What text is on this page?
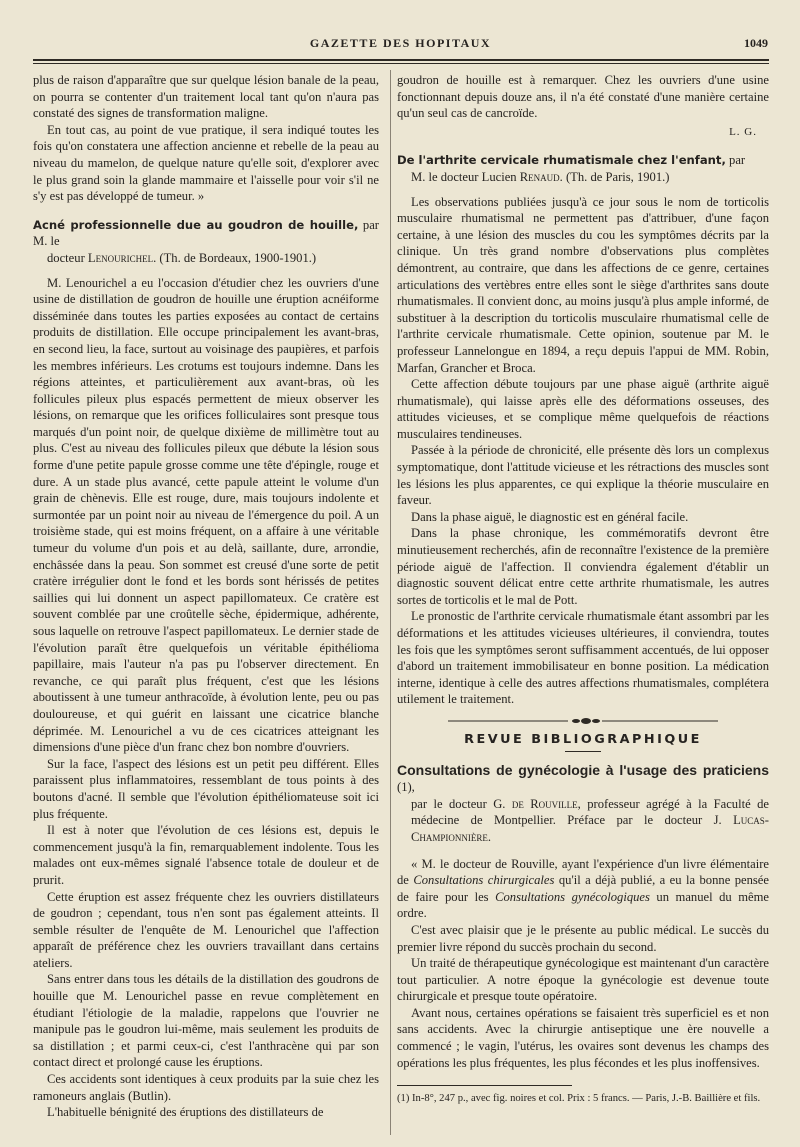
GAZETTE DES HOPITAUX	1049

plus de raison d'apparaître que sur quelque lésion banale de la peau, on pourra se contenter d'un traitement local tant qu'on n'aura pas constaté des signes de transformation maligne.

En tout cas, au point de vue pratique, il sera indiqué toutes les fois qu'on constatera une affection ancienne et rebelle de la peau au niveau du mamelon, de quelque nature qu'elle soit, d'explorer avec le plus grand soin la glande mammaire et l'aisselle pour voir s'il ne s'y est pas développé de tumeur. »

Acné professionnelle due au goudron de houille, par M. le
docteur Lenourichel. (Th. de Bordeaux, 1900-1901.)

M. Lenourichel a eu l'occasion d'étudier chez les ouvriers d'une usine de distillation de goudron de houille une éruption acnéiforme disséminée dans toutes les parties exposées au contact de certains produits de distillation. Elle occupe principalement les avant-bras, en second lieu, la face, surtout au voisinage des paupières, et parfois les membres inférieurs. Les crotums est toujours indemne. Dans les régions atteintes, et particulièrement aux avant-bras, où les follicules pileux plus espacés permettent de mieux observer les lésions, on remarque que les orifices folliculaires sont presque tous marqués d'un point noir, de quelque dixième de millimètre tout au plus. C'est au niveau des follicules pileux que débute la lésion sous forme d'une petite papule grosse comme une tête d'épingle, rouge et dure. A un stade plus avancé, cette papule atteint le volume d'un grain de chènevis. Elle est rouge, dure, mais toujours indolente et surmontée par un point noir au niveau de l'émergence du poil. A un troisième stade, qui est moins fréquent, on a affaire à une véritable tumeur du volume d'un pois et au delà, saillante, dure, arrondie, enchâssée dans la peau. Son sommet est creusé d'une sorte de petit cratère irrégulier dont le fond et les bords sont hérissés de petites saillies qui lui donnent un aspect papillomateux. Ce cratère est souvent comblée par une croûtelle sèche, épidermique, adhérente, sous laquelle on retrouve l'aspect papillomateux. Le dernier stade de l'évolution paraît être quelquefois un véritable épithélioma papillaire, mais l'auteur n'a pas pu l'observer directement. En revanche, ce qui paraît plus fréquent, c'est que les lésions aboutissent à une tumeur anthracoïde, à évolution lente, peu ou pas douloureuse, et qui guérit en laissant une cicatrice blanche déprimée. M. Lenourichel a vu de ces cicatrices atteignant les dimensions d'une pièce d'un franc chez bon nombre d'ouvriers.

Sur la face, l'aspect des lésions est un petit peu différent. Elles paraissent plus inflammatoires, ressemblant de tous points à des boutons d'acné. Il semble que l'évolution épithéliomateuse soit ici plus fréquente.

Il est à noter que l'évolution de ces lésions est, depuis le commencement jusqu'à la fin, remarquablement indolente. Tous les malades ont eux-mêmes signalé l'absence totale de douleur et de prurit.

Cette éruption est assez fréquente chez les ouvriers distillateurs de goudron ; cependant, tous n'en sont pas également atteints. Il semble résulter de l'enquête de M. Lenourichel que l'affection apparaît de préférence chez les ouvriers travaillant dans certains ateliers.

Sans entrer dans tous les détails de la distillation des goudrons de houille que M. Lenourichel passe en revue complètement en étudiant l'étiologie de la maladie, rappelons que l'ouvrier ne manipule pas le goudron lui-même, mais seulement les produits de sa distillation ; et parmi ceux-ci, c'est l'anthracène qui par son contact direct et prolongé cause les éruptions.

Ces accidents sont identiques à ceux produits par la suie chez les ramoneurs anglais (Butlin).

L'habituelle bénignité des éruptions des distillateurs de

goudron de houille est à remarquer. Chez les ouvriers d'une usine fonctionnant depuis douze ans, il n'a été constaté d'une manière certaine qu'un seul cas de cancroïde.

L. G.

De l'arthrite cervicale rhumatismale chez l'enfant, par
M. le docteur Lucien Renaud. (Th. de Paris, 1901.)

Les observations publiées jusqu'à ce jour sous le nom de torticolis musculaire rhumatismal ne permettent pas d'attribuer, d'une façon certaine, à une lésion des muscles du cou les symptômes décrits par la clinique. Un très grand nombre d'observations plus complètes démontrent, au contraire, que dans les affections de ce genre, certaines articulations des vertèbres entre elles sont le siège d'arthrites sans doute rhumatismales. Il convient donc, au moins jusqu'à plus ample informé, de substituer à la description du torticolis musculaire rhumatismal celle de l'arthrite cervicale rhumatismale. Cette opinion, soutenue par M. le professeur Lannelongue en 1894, a reçu depuis l'appui de MM. Robin, Marfan, Grancher et Broca.

Cette affection débute toujours par une phase aiguë (arthrite aiguë rhumatismale), qui laisse après elle des déformations osseuses, des attitudes vicieuses, et se complique même quelquefois de réactions musculaires tendineuses.

Passée à la période de chronicité, elle présente dès lors un complexus symptomatique, dont l'attitude vicieuse et les rétractions des muscles sont les lésions les plus apparentes, ce qui explique la théorie musculaire en faveur.

Dans la phase aiguë, le diagnostic est en général facile.

Dans la phase chronique, les commémoratifs devront être minutieusement recherchés, afin de reconnaître l'existence de la première période aiguë de l'affection. Il conviendra également d'établir un diagnostic souvent délicat entre cette arthrite rhumatismale, les autres sortes de torticolis et le mal de Pott.

Le pronostic de l'arthrite cervicale rhumatismale étant assombri par les déformations et les attitudes vicieuses ultérieures, il conviendra, toutes les fois que les symptômes seront suffisamment accentués, de lui opposer d'abord un traitement immobilisateur en bonne position. La médication interne, identique à celle des autres affections rhumatismales, complétera utilement le traitement.

REVUE BIBLIOGRAPHIQUE

Consultations de gynécologie à l'usage des praticiens (1),
par le docteur G. de Rouville, professeur agrégé à la Faculté de médecine de Montpellier. Préface par le docteur J. Lucas-Championnière.

« M. le docteur de Rouville, ayant l'expérience d'un livre élémentaire de Consultations chirurgicales qu'il a déjà publié, a eu la bonne pensée de faire pour les Consultations gynécologiques un manuel du même ordre.

C'est avec plaisir que je le présente au public médical. Le succès du premier livre répond du succès prochain du second.

Un traité de thérapeutique gynécologique est maintenant d'un caractère tout particulier. A notre époque la gynécologie est devenue toute chirurgicale et presque toute opératoire.

Avant nous, certaines opérations se faisaient très superficiel es et non sans accidents. Avec la chirurgie antiseptique une ère nouvelle a commencé ; le vagin, l'utérus, les ovaires sont devenus les champs des opérations les plus fréquentes, les plus fécondes et les plus inoffensives.

(1) In-8°, 247 p., avec fig. noires et col. Prix : 5 francs. — Paris, J.-B. Baillière et fils.
